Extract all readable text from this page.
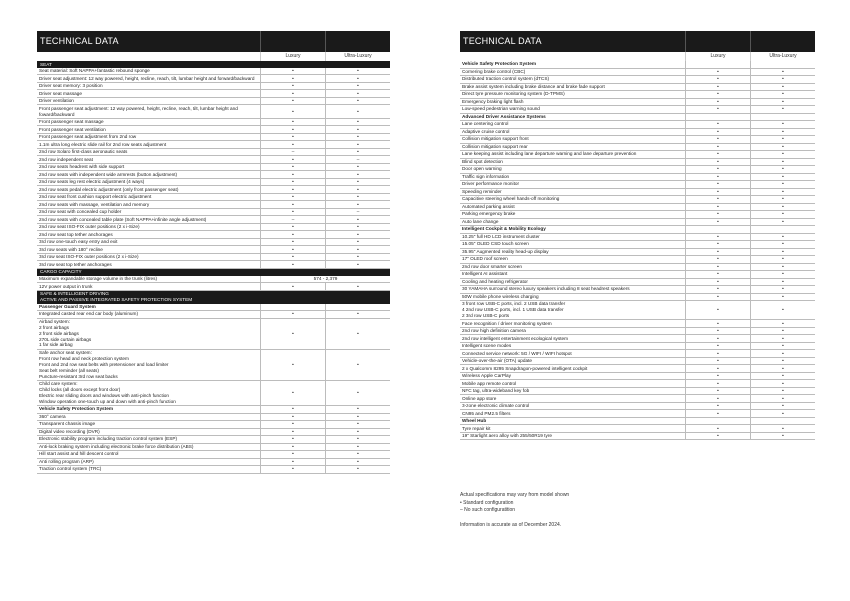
TECHNICAL DATA
Luxury	Ultra-Luxury
SEAT
Seat material: Soft NAPPA+fantastic rebound sponge	•	•
Driver seat adjustment: 12 way powered, height, recline, reach, tilt, lumbar height and forward/backward	•	•
Driver seat memory: 3 position	•	•
Driver seat massage	•	•
Driver ventilation	•	•
Front passenger seat adjustment: 12 way powered, height, recline, reach, tilt, lumbar height and foward/backward
•	•
Front passenger seat massage	•	•
Front passenger seat ventilation	•	•
Front passenger seat adjustment from 2nd row	•	•
1.1m ultra long electric slide rail for 2nd row seats adjustment	•	•
2nd row Solaro first-class aeronautic seats	–	•
2nd row independent seat	•	–
2nd row seats headrest with side support	•	•
2nd row seats with independent wide armrests (button adjustment)	•	•
2nd row seats leg rest electric adjustment (4 ways)	•	•
2nd row seats pedal electric adjustment (only front passenger seat)	•	•
2nd row seat front cushion support electric adjustment	•	•
2nd row seats with massage, ventilation and memory	•	•
2nd row seat with concealed cup holder	•	–
2nd row seats with concealed table plate (Soft NAPPA+infinite angle adjustment)	–	•
2nd row seat ISO-FIX outer positions (2 x i-Size)	•	•
2nd row seat top tether anchorages	•	•
3rd row one-touch easy entry and exit	•	•
3rd row seats with 180° recline	•	•
3rd row seat ISO-FIX outer positions (2 x i-Size)	•	•
3rd row seat top tether anchorages	•	•
CARGO CAPACITY
Maximum expandable storage volume in the trunk (litres)	574 - 2,379
12V power output in trunk	•	•
SAFE & INTELLIGENT DRIVING
ACTIVE AND PASSIVE INTEGRATED SAFETY PROTECTION SYSTEM
Passenger Guard System
Integrated casted rear end car body (aluminum)	•	•
Airbad system:
2 front airbags
2 front side airbags
270L side curtain airbags
1 far side airbag
•	•
Safe anchor seat system:
Front row head and neck protection system
Front and 2nd row seat belts with pretensioner and load limiter
Seat belt reminder (all seats)
Puncture-resistant 3rd row seat backs
•	•
Child care system:
Child locks (all doors except front door)
Electric rear sliding doors and windows with anti-pinch function
Window operation one-touch up and down with anti-pinch function
•	•
Vehicle Safety Protection System	•	•
360° camera	•	•
Transparent chassis image	•	•
Digital video recording (DVR)	•	•
Electronic stability program including traction control system (ESP)	•	•
Anti-lock braking system including electronic brake force distribution (ABS)	•	•
Hill start assist and hill descent control	•	•
Anti rolling program (ARP)	•	•
Traction control system (TRC)	•	•
TECHNICAL DATA
Luxury	Ultra-Luxury
Vehicle Safety Protection System
Cornering brake control (CBC)	•	•
Distributed traction control system (dTCS)	•	•
Brake assist system including brake distance and brake fade support	•	•
Direct tyre pressure monitoring system (D-TPMS)	•	•
Emergency braking light flash	•	•
Low-speed pedestrian warning sound	•	•
Advanced Driver Assistance Systems
Lane centering control	•	•
Adaptive cruise control	•	•
Collision mitigation support front	•	•
Collision mitigation support rear	•	•
Lane keeping assist including lane departure warning and lane departure prevention	•	•
Blind spot detection	•	•
Door open warning	•	•
Traffic sign information	•	•
Driver performance monitor	•	•
Speeding reminder	•	•
Capacitive steering wheel hands-off monitoring	•	•
Automated parking assist	•	•
Parking emergency brake	•	•
Auto lane change	•	•
Intelligent Cockpit & Mobility Ecology
10.25" full HD LCD instrument cluster	•	•
15.05" OLED CSD touch screen	•	•
35.95" Augmented reality head-up display	•	•
17" OLED roof screen	•	•
2nd row door smarter screen	•	•
Intelligent AI assistant	•	•
Cooling and heating refrigerator	•	•
30 YAMAHA surround stereo luxury speakers including 8 seat headrest speakers	•	•
50W mobile phone wireless charging	•	•
3 front row USB-C ports, incl. 2 USB data transfer
4 2nd row USB-C ports, incl. 1 USB data transfer
2 3rd row USB-C ports
•	•
Face recognition / driver monitoring system	•	•
2nd row high definition camera	•	•
2nd row intelligent entertainment ecological system	•	•
Intelligent scene modes	•	•
Connected service network: 5G / WIFI / WIFI hotspot	•	•
Vehicle-over-the-air (OTA) update	•	•
2 x Qualcomm 8295 Snapdragon-powered intelligent cockpit	•	•
Wireless Apple CarPlay	•	•
Mobile app remote control	•	•
NFC tag, ultra-wideband key fob	•	•
Online app store	•	•
3-zone electronic climate control	•	•
CN95 and PM2.5 filters	•	•
Wheel Hub
Tyre repair kit	•	•
19" Starlight aero alloy with 255/50R19 tyre	•	•
Actual specifications may vary from model shown
• Standard configuration
– No such configuratition
Information is accurate as of December 2024.
